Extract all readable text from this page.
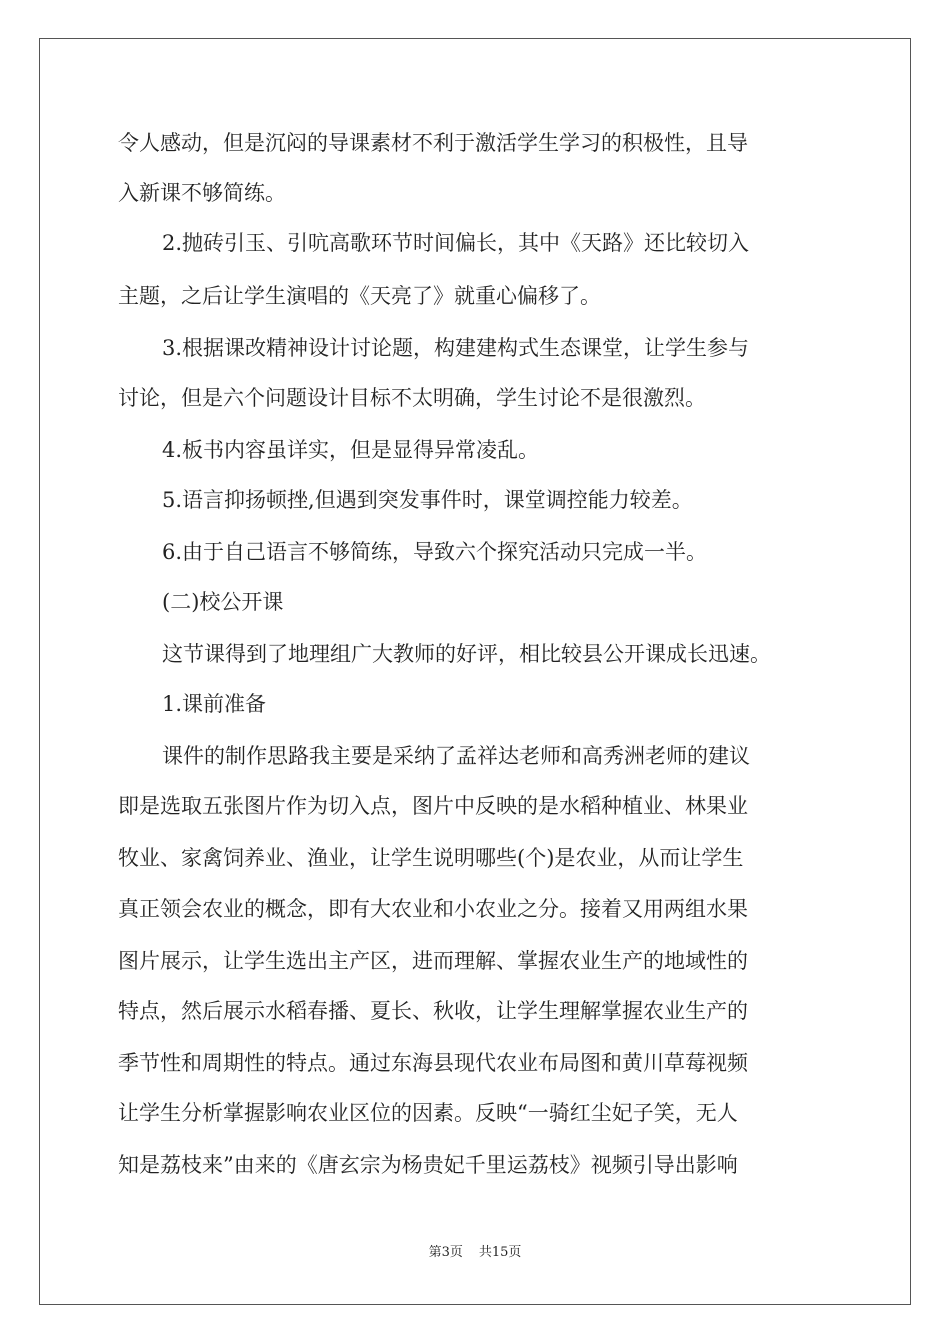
令人感动，但是沉闷的导课素材不利于激活学生学习的积极性，且导
入新课不够简练。
2.抛砖引玉、引吭高歌环节时间偏长，其中《天路》还比较切入
主题，之后让学生演唱的《天亮了》就重心偏移了。
3.根据课改精神设计讨论题，构建建构式生态课堂，让学生参与
讨论，但是六个问题设计目标不太明确，学生讨论不是很激烈。
4.板书内容虽详实，但是显得异常凌乱。
5.语言抑扬顿挫,但遇到突发事件时，课堂调控能力较差。
6.由于自己语言不够简练，导致六个探究活动只完成一半。
(二)校公开课
这节课得到了地理组广大教师的好评，相比较县公开课成长迅速。
1.课前准备
课件的制作思路我主要是采纳了孟祥达老师和高秀洲老师的建议
即是选取五张图片作为切入点，图片中反映的是水稻种植业、林果业
牧业、家禽饲养业、渔业，让学生说明哪些(个)是农业，从而让学生
真正领会农业的概念，即有大农业和小农业之分。接着又用两组水果
图片展示，让学生选出主产区，进而理解、掌握农业生产的地域性的
特点，然后展示水稻春播、夏长、秋收，让学生理解掌握农业生产的
季节性和周期性的特点。通过东海县现代农业布局图和黄川草莓视频
让学生分析掌握影响农业区位的因素。反映“一骑红尘妃子笑，无人
知是荔枝来”由来的《唐玄宗为杨贵妃千里运荔枝》视频引导出影响
第3页 共15页
